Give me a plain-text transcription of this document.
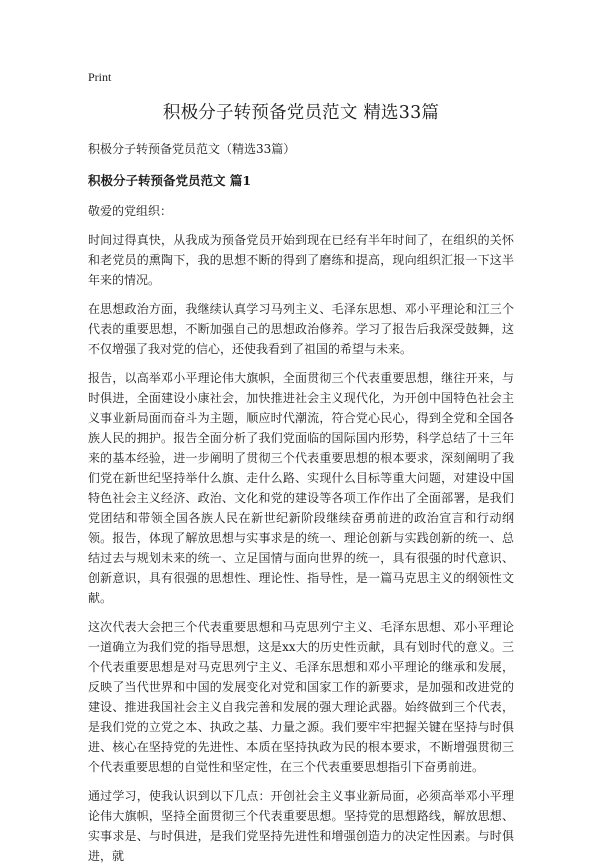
Print
积极分子转预备党员范文 精选33篇

积极分子转预备党员范文（精选33篇）

积极分子转预备党员范文 篇1

敬爱的党组织：

时间过得真快，从我成为预备党员开始到现在已经有半年时间了，在组织的关怀和老党员的熏陶下，我的思想不断的得到了磨练和提高，现向组织汇报一下这半年来的情况。

在思想政治方面，我继续认真学习马列主义、毛泽东思想、邓小平理论和江三个代表的重要思想，不断加强自己的思想政治修养。学习了报告后我深受鼓舞，这不仅增强了我对党的信心，还使我看到了祖国的希望与未来。

报告，以高举邓小平理论伟大旗帜，全面贯彻三个代表重要思想，继往开来，与时俱进，全面建设小康社会，加快推进社会主义现代化，为开创中国特色社会主义事业新局面而奋斗为主题，顺应时代潮流，符合党心民心，得到全党和全国各族人民的拥护。报告全面分析了我们党面临的国际国内形势，科学总结了十三年来的基本经验，进一步阐明了贯彻三个代表重要思想的根本要求，深刻阐明了我们党在新世纪坚持举什么旗、走什么路、实现什么目标等重大问题，对建设中国特色社会主义经济、政治、文化和党的建设等各项工作作出了全面部署，是我们党团结和带领全国各族人民在新世纪新阶段继续奋勇前进的政治宣言和行动纲领。报告，体现了解放思想与实事求是的统一、理论创新与实践创新的统一、总结过去与规划未来的统一、立足国情与面向世界的统一，具有很强的时代意识、创新意识，具有很强的思想性、理论性、指导性，是一篇马克思主义的纲领性文献。

这次代表大会把三个代表重要思想和马克思列宁主义、毛泽东思想、邓小平理论一道确立为我们党的指导思想，这是xx大的历史性贡献，具有划时代的意义。三个代表重要思想是对马克思列宁主义、毛泽东思想和邓小平理论的继承和发展，反映了当代世界和中国的发展变化对党和国家工作的新要求，是加强和改进党的建设、推进我国社会主义自我完善和发展的强大理论武器。始终做到三个代表，是我们党的立党之本、执政之基、力量之源。我们要牢牢把握关键在坚持与时俱进、核心在坚持党的先进性、本质在坚持执政为民的根本要求，不断增强贯彻三个代表重要思想的自觉性和坚定性，在三个代表重要思想指引下奋勇前进。

通过学习，使我认识到以下几点：开创社会主义事业新局面，必须高举邓小平理论伟大旗帜，坚持全面贯彻三个代表重要思想。坚持党的思想路线，解放思想、实事求是、与时俱进，是我们党坚持先进性和增强创造力的决定性因素。与时俱进，就
